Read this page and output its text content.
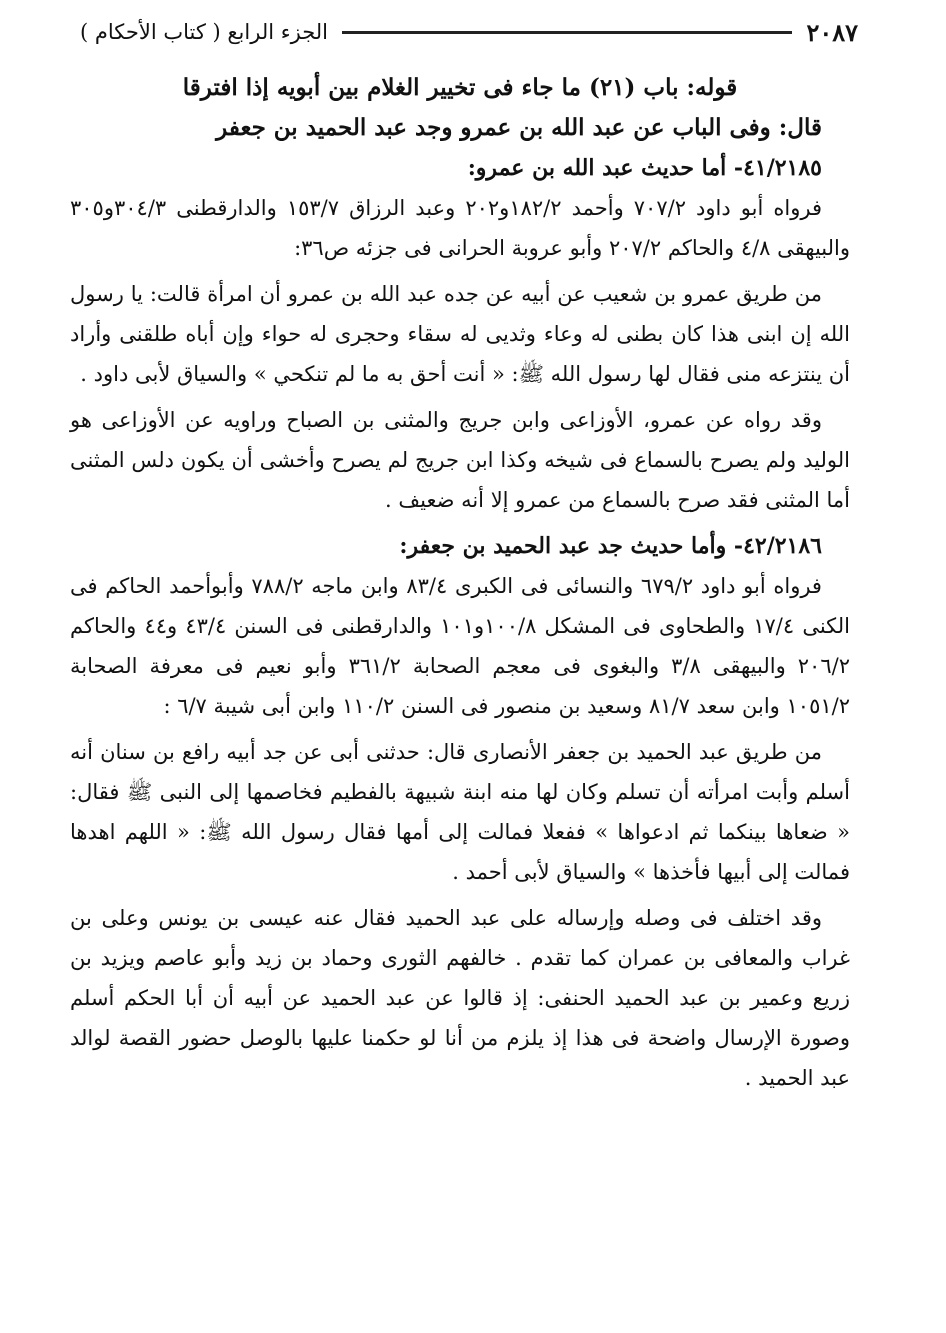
الجزء الرابع ( كتاب الأحكام )	٢٠٨٧

قوله: باب (٢١) ما جاء فى تخيير الغلام بين أبويه إذا افترقا

قال: وفى الباب عن عبد الله بن عمرو وجد عبد الحميد بن جعفر

٤١/٢١٨٥- أما حديث عبد الله بن عمرو:

فرواه أبو داود ٧٠٧/٢ وأحمد ١٨٢/٢و٢٠٢ وعبد الرزاق ١٥٣/٧ والدارقطنى ٣٠٤/٣و٣٠٥ والبيهقى ٤/٨ والحاكم ٢٠٧/٢ وأبو عروبة الحرانى فى جزئه ص٣٦:

من طريق عمرو بن شعيب عن أبيه عن جده عبد الله بن عمرو أن امرأة قالت: يا رسول الله إن ابنى هذا كان بطنى له وعاء وثديى له سقاء وحجرى له حواء وإن أباه طلقنى وأراد أن ينتزعه منى فقال لها رسول الله ﷺ: « أنت أحق به ما لم تنكحي » والسياق لأبى داود .

وقد رواه عن عمرو، الأوزاعى وابن جريج والمثنى بن الصباح وراويه عن الأوزاعى هو الوليد ولم يصرح بالسماع فى شيخه وكذا ابن جريج لم يصرح وأخشى أن يكون دلس المثنى أما المثنى فقد صرح بالسماع من عمرو إلا أنه ضعيف .

٤٢/٢١٨٦- وأما حديث جد عبد الحميد بن جعفر:

فرواه أبو داود ٦٧٩/٢ والنسائى فى الكبرى ٨٣/٤ وابن ماجه ٧٨٨/٢ وأبوأحمد الحاكم فى الكنى ١٧/٤ والطحاوى فى المشكل ١٠٠/٨و١٠١ والدارقطنى فى السنن ٤٣/٤ و٤٤ والحاكم ٢٠٦/٢ والبيهقى ٣/٨ والبغوى فى معجم الصحابة ٣٦١/٢ وأبو نعيم فى معرفة الصحابة ١٠٥١/٢ وابن سعد ٨١/٧ وسعيد بن منصور فى السنن ١١٠/٢ وابن أبى شيبة ٦/٧ :

من طريق عبد الحميد بن جعفر الأنصارى قال: حدثنى أبى عن جد أبيه رافع بن سنان أنه أسلم وأبت امرأته أن تسلم وكان لها منه ابنة شبيهة بالفطيم فخاصمها إلى النبى ﷺ فقال: « ضعاها بينكما ثم ادعواها » ففعلا فمالت إلى أمها فقال رسول الله ﷺ: « اللهم اهدها فمالت إلى أبيها فأخذها » والسياق لأبى أحمد .

وقد اختلف فى وصله وإرساله على عبد الحميد فقال عنه عيسى بن يونس وعلى بن غراب والمعافى بن عمران كما تقدم . خالفهم الثورى وحماد بن زيد وأبو عاصم ويزيد بن زريع وعمير بن عبد الحميد الحنفى: إذ قالوا عن عبد الحميد عن أبيه أن أبا الحكم أسلم وصورة الإرسال واضحة فى هذا إذ يلزم من أنا لو حكمنا عليها بالوصل حضور القصة لوالد عبد الحميد .
